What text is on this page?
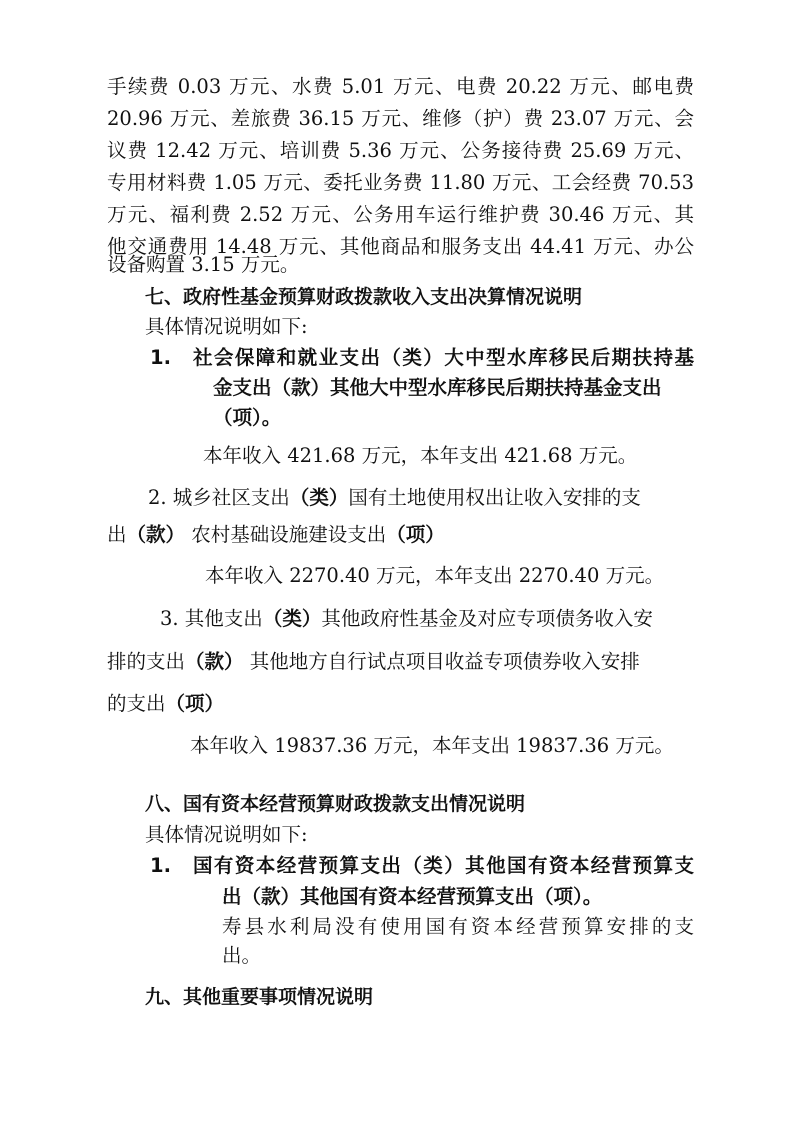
手续费 0.03 万元、水费 5.01 万元、电费 20.22 万元、邮电费
20.96 万元、差旅费 36.15 万元、维修（护）费 23.07 万元、会
议费 12.42 万元、培训费 5.36 万元、公务接待费 25.69 万元、
专用材料费 1.05 万元、委托业务费 11.80 万元、工会经费 70.53
万元、福利费 2.52 万元、公务用车运行维护费 30.46 万元、其
他交通费用 14.48 万元、其他商品和服务支出 44.41 万元、办公
设备购置 3.15 万元。
七、政府性基金预算财政拨款收入支出决算情况说明
具体情况说明如下:
1. 社会保障和就业支出（类）大中型水库移民后期扶持基
金支出（款）其他大中型水库移民后期扶持基金支出
（项）。
本年收入 421.68 万元，本年支出 421.68 万元。
2. 城乡社区支出（类）国有土地使用权出让收入安排的支
出（款） 农村基础设施建设支出（项）
本年收入 2270.40 万元，本年支出 2270.40 万元。
3. 其他支出（类）其他政府性基金及对应专项债务收入安
排的支出（款） 其他地方自行试点项目收益专项债券收入安排
的支出（项）
本年收入 19837.36 万元，本年支出 19837.36 万元。
八、国有资本经营预算财政拨款支出情况说明
具体情况说明如下:
1. 国有资本经营预算支出（类）其他国有资本经营预算支
出（款）其他国有资本经营预算支出（项）。
寿县水利局没有使用国有资本经营预算安排的支
出。
九、其他重要事项情况说明
